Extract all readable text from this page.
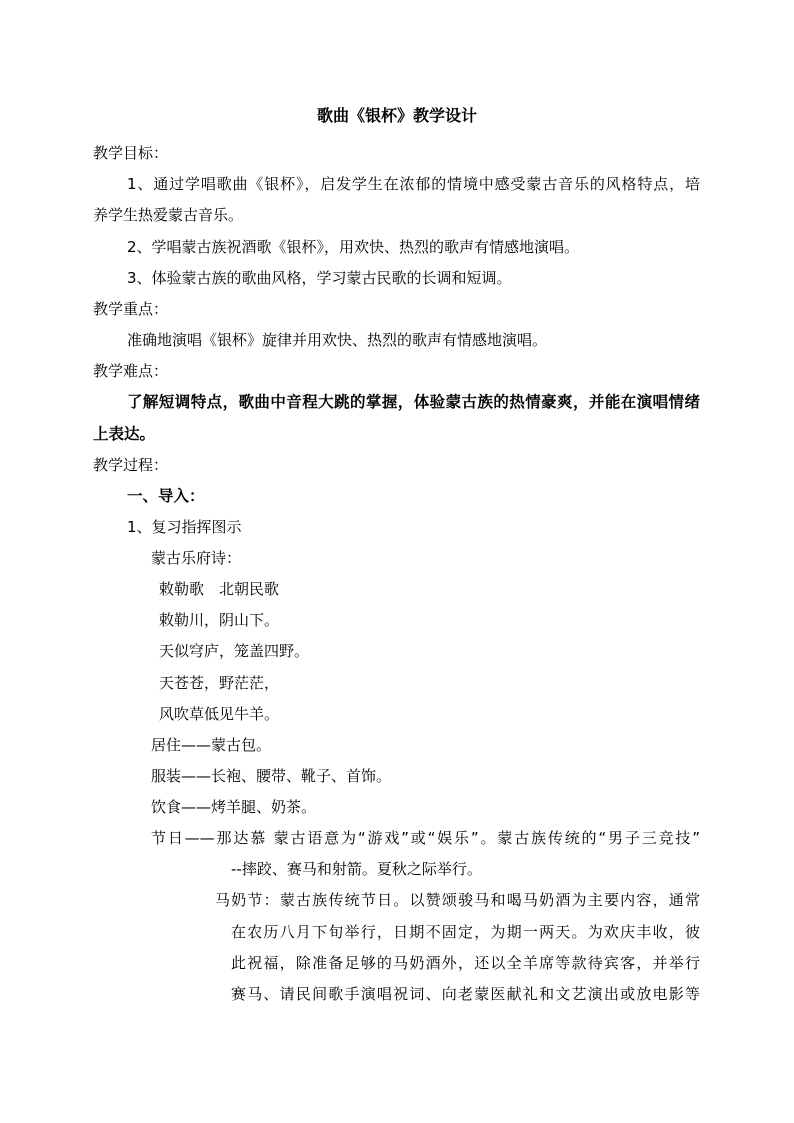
歌曲《银杯》教学设计
教学目标：
1、通过学唱歌曲《银杯》，启发学生在浓郁的情境中感受蒙古音乐的风格特点，培
养学生热爱蒙古音乐。
2、学唱蒙古族祝酒歌《银杯》，用欢快、热烈的歌声有情感地演唱。
3、体验蒙古族的歌曲风格，学习蒙古民歌的长调和短调。
教学重点：
准确地演唱《银杯》旋律并用欢快、热烈的歌声有情感地演唱。
教学难点：
了解短调特点，歌曲中音程大跳的掌握，体验蒙古族的热情豪爽，并能在演唱情绪
上表达。
教学过程：
一、导入：
1、复习指挥图示
蒙古乐府诗：
敕勒歌　北朝民歌
敕勒川，阴山下。
天似穹庐，笼盖四野。
天苍苍，野茫茫，
风吹草低见牛羊。
居住——蒙古包。
服装——长袍、腰带、靴子、首饰。
饮食——烤羊腿、奶茶。
节日——那达慕 蒙古语意为“游戏”或“娱乐”。蒙古族传统的“男子三竞技”
--摔跤、赛马和射箭。夏秋之际举行。
马奶节：蒙古族传统节日。以赞颂骏马和喝马奶酒为主要内容，通常
在农历八月下旬举行，日期不固定，为期一两天。为欢庆丰收，彼
此祝福，除准备足够的马奶酒外，还以全羊席等款待宾客，并举行
赛马、请民间歌手演唱祝词、向老蒙医献礼和文艺演出或放电影等
